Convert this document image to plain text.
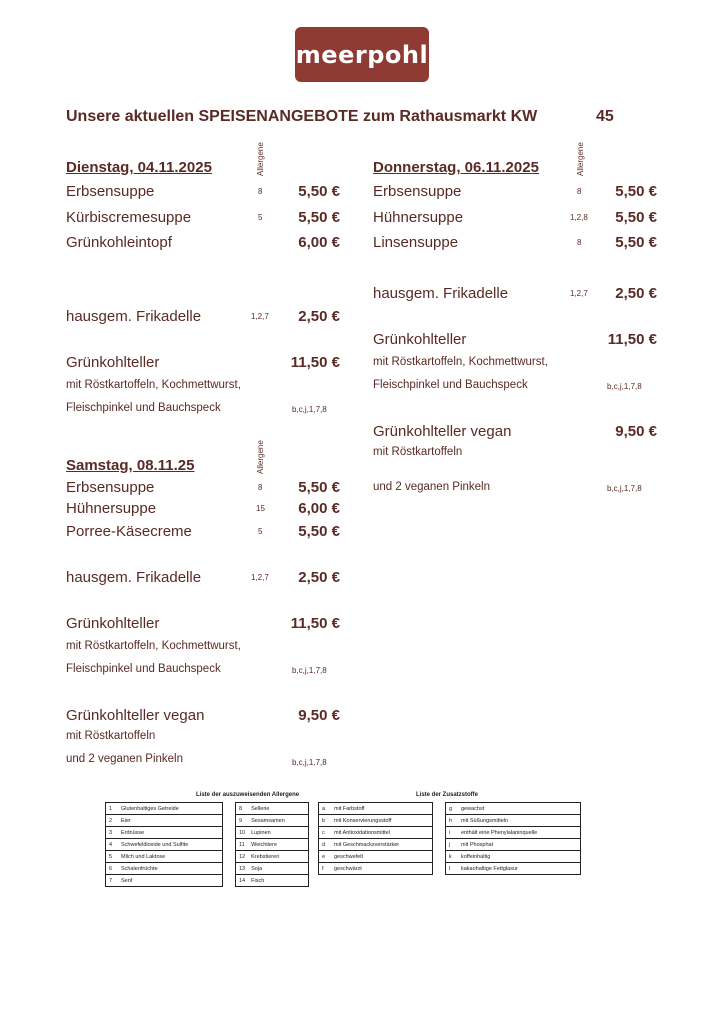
meerpohl
Unsere aktuellen SPEISENANGEBOTE zum Rathausmarkt KW	45
Dienstag, 04.11.2025	Allergene
Erbsensuppe	8 5,50 €
Kürbiscremesuppe	5 5,50 €
Grünkohleintopf	6,00 €
hausgem. Frikadelle	1,2,7 2,50 €
Grünkohlteller	11,50 €
mit Röstkartoffeln, Kochmettwurst,
Fleischpinkel und Bauchspeck	b,c,j,1,7,8
Donnerstag, 06.11.2025	Allergene
Erbsensuppe	8 5,50 €
Hühnersuppe	1,2,8 5,50 €
Linsensuppe	8 5,50 €
hausgem. Frikadelle	1,2,7 2,50 €
Grünkohlteller	11,50 €
mit Röstkartoffeln, Kochmettwurst,
Fleischpinkel und Bauchspeck	b,c,j,1,7,8
Grünkohlteller vegan	9,50 €
mit Röstkartoffeln
und 2 veganen Pinkeln	b,c,j,1,7,8
Samstag, 08.11.25	Allergene
Erbsensuppe	8 5,50 €
Hühnersuppe	15 6,00 €
Porree-Käsecreme	5 5,50 €
hausgem. Frikadelle	1,2,7 2,50 €
Grünkohlteller	11,50 €
mit Röstkartoffeln, Kochmettwurst,
Fleischpinkel und Bauchspeck	b,c,j,1,7,8
Grünkohlteller vegan	9,50 €
mit Röstkartoffeln
und 2 veganen Pinkeln	b,c,j,1,7,8
Liste der auszuweisenden Allergene	Liste der Zusatzstoffe
1	Glutenhaltiges Getreide
2	Eier
3	Erdnüsse
4	Schwefeldioxide und Sulfite
5	Milch und Laktose
6	Schalenfrüchte
7	Senf
8	Sellerie
9	Sesamsamen
10	Lupinen
11	Weichtiere
12	Krebstieren
13	Soja
14	Fisch
a	mit Farbstoff
b	mit Konservierungsstoff
c	mit Antioxidationsmittel
d	mit Geschmacksverstärker
e	geschwefelt
f	geschwärzt
g	gewachst
h	mit Süßungsmitteln
i	enthält eine Phenylalaninquelle
j	mit Phosphat
k	koffeinhaltig
l	kakaohaltige Fettglasur
